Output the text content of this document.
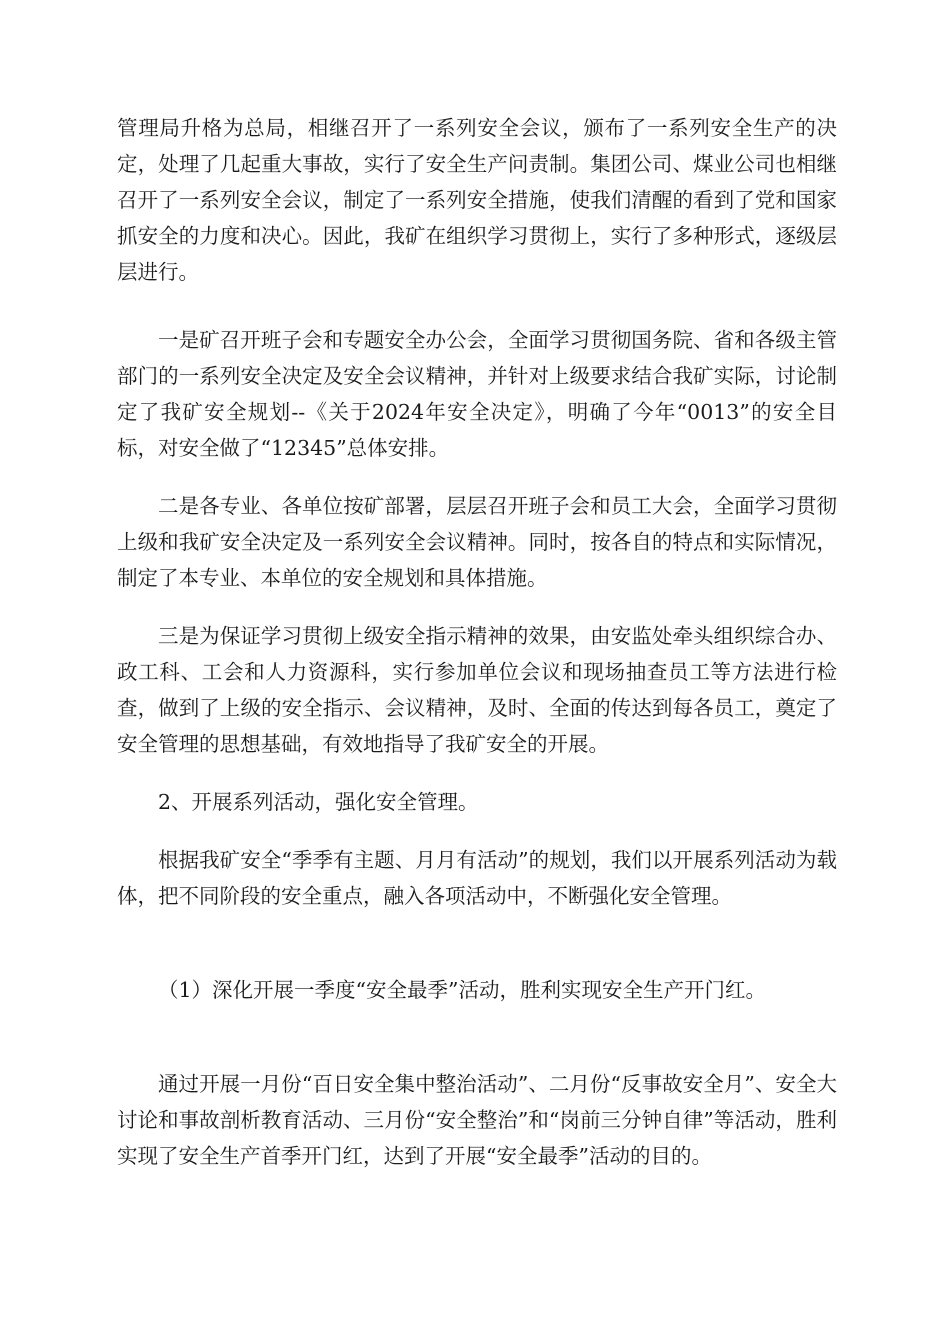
管理局升格为总局，相继召开了一系列安全会议，颁布了一系列安全生产的决定，处理了几起重大事故，实行了安全生产问责制。集团公司、煤业公司也相继召开了一系列安全会议，制定了一系列安全措施，使我们清醒的看到了党和国家抓安全的力度和决心。因此，我矿在组织学习贯彻上，实行了多种形式，逐级层层进行。

一是矿召开班子会和专题安全办公会，全面学习贯彻国务院、省和各级主管部门的一系列安全决定及安全会议精神，并针对上级要求结合我矿实际，讨论制定了我矿安全规划--《关于2024年安全决定》，明确了今年“0013”的安全目标，对安全做了“12345”总体安排。

二是各专业、各单位按矿部署，层层召开班子会和员工大会，全面学习贯彻上级和我矿安全决定及一系列安全会议精神。同时，按各自的特点和实际情况，制定了本专业、本单位的安全规划和具体措施。

三是为保证学习贯彻上级安全指示精神的效果，由安监处牵头组织综合办、政工科、工会和人力资源科，实行参加单位会议和现场抽查员工等方法进行检查，做到了上级的安全指示、会议精神，及时、全面的传达到每各员工，奠定了安全管理的思想基础，有效地指导了我矿安全的开展。

2、开展系列活动，强化安全管理。

根据我矿安全“季季有主题、月月有活动”的规划，我们以开展系列活动为载体，把不同阶段的安全重点，融入各项活动中，不断强化安全管理。

（1）深化开展一季度“安全最季”活动，胜利实现安全生产开门红。

通过开展一月份“百日安全集中整治活动”、二月份“反事故安全月”、安全大讨论和事故剖析教育活动、三月份“安全整治”和“岗前三分钟自律”等活动，胜利实现了安全生产首季开门红，达到了开展“安全最季”活动的目的。
